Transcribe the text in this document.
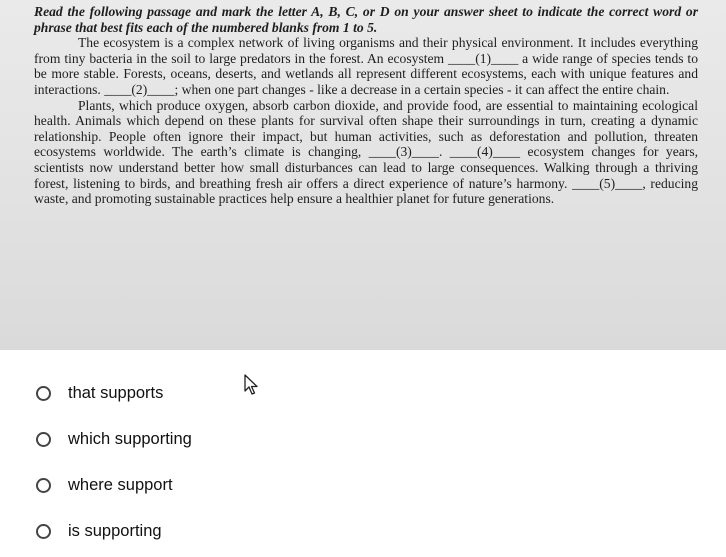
Read the following passage and mark the letter A, B, C, or D on your answer sheet to indicate the correct word or phrase that best fits each of the numbered blanks from 1 to 5.

The ecosystem is a complex network of living organisms and their physical environment. It includes everything from tiny bacteria in the soil to large predators in the forest. An ecosystem ____(1)____ a wide range of species tends to be more stable. Forests, oceans, deserts, and wetlands all represent different ecosystems, each with unique features and interactions. ____(2)____; when one part changes - like a decrease in a certain species - it can affect the entire chain.

Plants, which produce oxygen, absorb carbon dioxide, and provide food, are essential to maintaining ecological health. Animals which depend on these plants for survival often shape their surroundings in turn, creating a dynamic relationship. People often ignore their impact, but human activities, such as deforestation and pollution, threaten ecosystems worldwide. The earth’s climate is changing, ____(3)____. ____(4)____ ecosystem changes for years, scientists now understand better how small disturbances can lead to large consequences. Walking through a thriving forest, listening to birds, and breathing fresh air offers a direct experience of nature’s harmony. ____(5)____, reducing waste, and promoting sustainable practices help ensure a healthier planet for future generations.

that supports
which supporting
where support
is supporting
